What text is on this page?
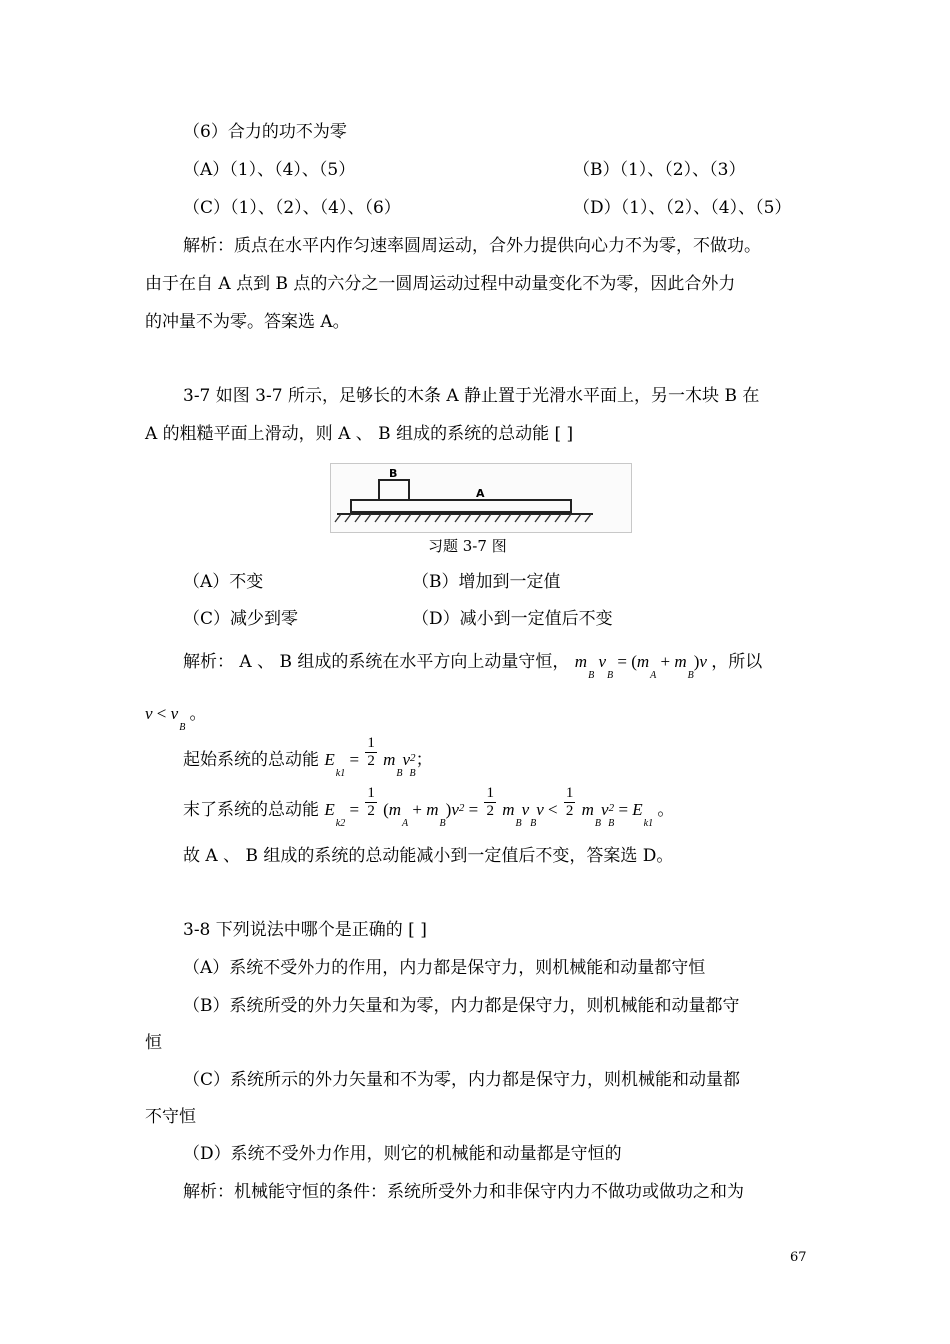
（6）合力的功不为零
（A）（1）、（4）、（5）	（B）（1）、（2）、（3）
（C）（1）、（2）、（4）、（6）	（D）（1）、（2）、（4）、（5）
解析：质点在水平内作匀速率圆周运动，合外力提供向心力不为零，不做功。
由于在自 A 点到 B 点的六分之一圆周运动过程中动量变化不为零，因此合外力
的冲量不为零。答案选 A。
3-7 如图 3-7 所示，足够长的木条 A 静止置于光滑水平面上，另一木块 B 在
A 的粗糙平面上滑动，则 A 、 B 组成的系统的总动能 [ ]
B
A
习题 3-7 图
（A）不变	（B）增加到一定值
（C）减少到零	（D）减小到一定值后不变
解析： A 、 B 组成的系统在水平方向上动量守恒， $m_B$ $v_B = (m_A + m_B)v$ ，所以
$v < v_B$ 。
起始系统的总动能 $E_{k1} = \frac{1}{2} m_Bv^2_B$；
末了系统的总动能 $E_{k2} = \frac{1}{2} (m_A + m_B)v^2 = \frac{1}{2} m_Bv_Bv < \frac{1}{2} m_Bv^2_B = E_{k1}$ 。
故 A 、 B 组成的系统的总动能减小到一定值后不变，答案选 D。
3-8 下列说法中哪个是正确的 [ ]
（A）系统不受外力的作用，内力都是保守力，则机械能和动量都守恒
（B）系统所受的外力矢量和为零，内力都是保守力，则机械能和动量都守
恒
（C）系统所示的外力矢量和不为零，内力都是保守力，则机械能和动量都
不守恒
（D）系统不受外力作用，则它的机械能和动量都是守恒的
解析：机械能守恒的条件：系统所受外力和非保守内力不做功或做功之和为
67
